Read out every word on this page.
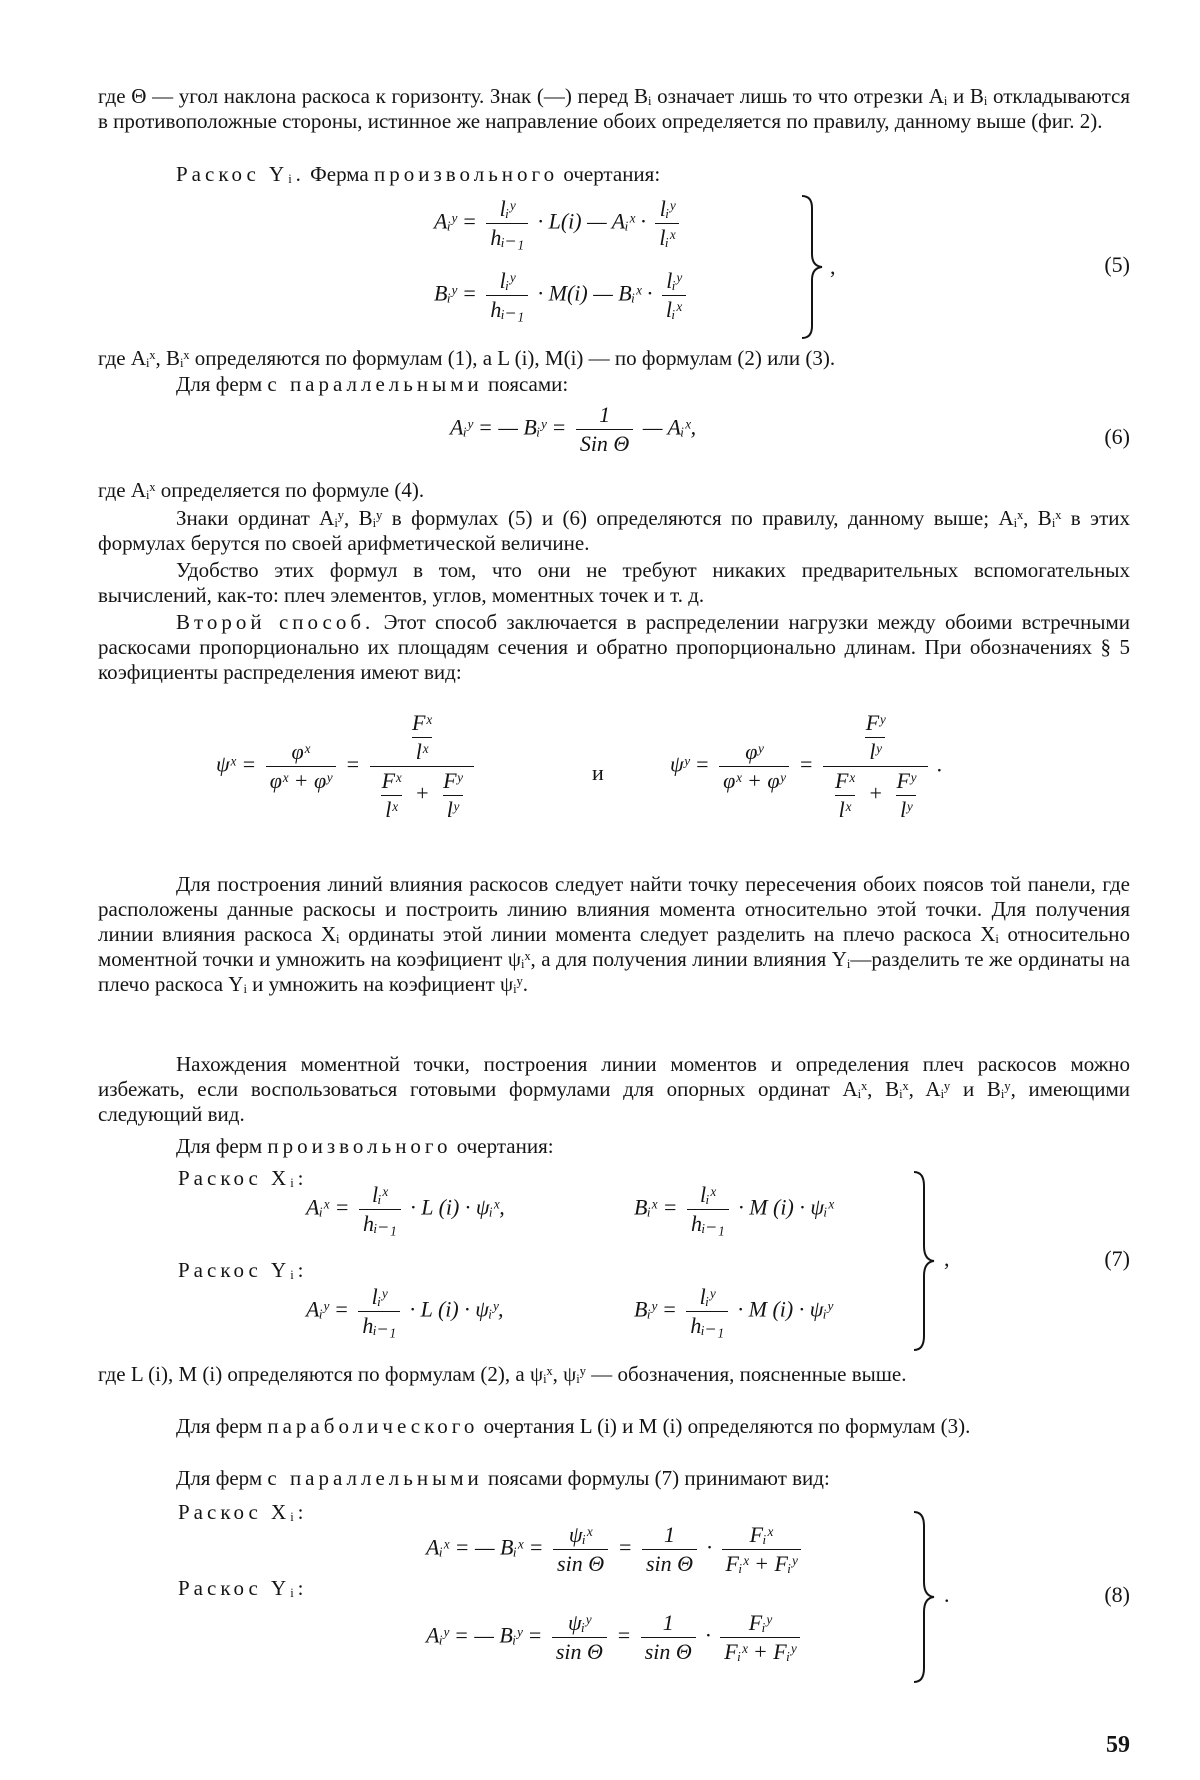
где Θ — угол наклона раскоса к горизонту. Знак (—) перед Bᵢ означает лишь то что отрезки Aᵢ и Bᵢ откладываются в противоположные стороны, истинное же направление обоих определяется по правилу, данному выше (фиг. 2).

Раскос Yᵢ. Ферма произвольного очертания:

Aᵢʸ =
lᵢʸ
hᵢ₋₁
· L(i) — Aᵢˣ ·
lᵢʸ
lᵢˣ
Bᵢʸ =
lᵢʸ
hᵢ₋₁
· M(i) — Bᵢˣ ·
lᵢʸ
lᵢˣ
,	(5)

где Aᵢˣ, Bᵢˣ определяются по формулам (1), а L (i), M(i) — по формулам (2) или (3).

Для ферм с параллельными поясами:

Aᵢʸ = — Bᵢʸ =
1
Sin Θ
— Aᵢˣ,	(6)

где Aᵢˣ определяется по формуле (4).

Знаки ординат Aᵢʸ, Bᵢʸ в формулах (5) и (6) определяются по правилу, данному выше; Aᵢˣ, Bᵢˣ в этих формулах берутся по своей арифметической величине.

Удобство этих формул в том, что они не требуют никаких предварительных вспомогательных вычислений, как-то: плеч элементов, углов, моментных точек и т. д.

Второй способ. Этот способ заключается в распределении нагрузки между обоими встречными раскосами пропорционально их площадям сечения и обратно пропорционально длинам. При обозначениях § 5 коэфициенты распределения имеют вид:

ψˣ = $\frac{\text{φˣ}}{\text{φˣ + φʸ}} = \frac{\text{Fˣ}}{\text{lˣ}}$
$\frac{\text{Fˣ}}{\text{lˣ}} + \frac{\text{Fʸ}}{\text{lʸ}}$	и	ψʸ = $\frac{\text{φʸ}}{\text{φˣ + φʸ}} = \frac{\text{Fʸ}}{\text{lʸ}}$
$\frac{\text{Fˣ}}{\text{lˣ}} + \frac{\text{Fʸ}}{\text{lʸ}}$
.

Для построения линий влияния раскосов следует найти точку пересечения обоих поясов той панели, где расположены данные раскосы и построить линию влияния момента относительно этой точки. Для получения линии влияния раскоса Xᵢ ординаты этой линии момента следует разделить на плечо раскоса Xᵢ относительно моментной точки и умножить на коэфициент ψᵢˣ, а для получения линии влияния Yᵢ—разделить те же ординаты на плечо раскоса Yᵢ и умножить на коэфициент ψᵢʸ.

Нахождения моментной точки, построения линии моментов и определения плеч раскосов можно избежать, если воспользоваться готовыми формулами для опорных ординат Aᵢˣ, Bᵢˣ, Aᵢʸ и Bᵢʸ, имеющими следующий вид.

Для ферм произвольного очертания:

Раскос Xᵢ:
Aᵢˣ =
lᵢˣ
hᵢ₋₁
· L (i) · ψᵢˣ,	Bᵢˣ =
lᵢˣ
hᵢ₋₁
· M (i) · ψᵢˣ
Раскос Yᵢ:
Aᵢʸ =
lᵢʸ
hᵢ₋₁
· L (i) · ψᵢʸ,	Bᵢʸ =
lᵢʸ
hᵢ₋₁
· M (i) · ψᵢʸ
,	(7)

где L (i), M (i) определяются по формулам (2), а ψᵢˣ, ψᵢʸ — обозначения, поясненные выше.

Для ферм параболического очертания L (i) и M (i) определяются по формулам (3).

Для ферм с параллельными поясами формулы (7) принимают вид:

Раскос Xᵢ:
Aᵢˣ = — Bᵢˣ =
ψᵢˣ
sin Θ
= $\frac{1}{\text{sin Θ}}$ ·
Fᵢˣ
Fᵢˣ + Fᵢʸ
Раскос Yᵢ:
Aᵢʸ = — Bᵢʸ =
ψᵢʸ
sin Θ
= $\frac{1}{\text{sin Θ}}$ ·
Fᵢʸ
Fᵢˣ + Fᵢʸ
.	(8)
59
